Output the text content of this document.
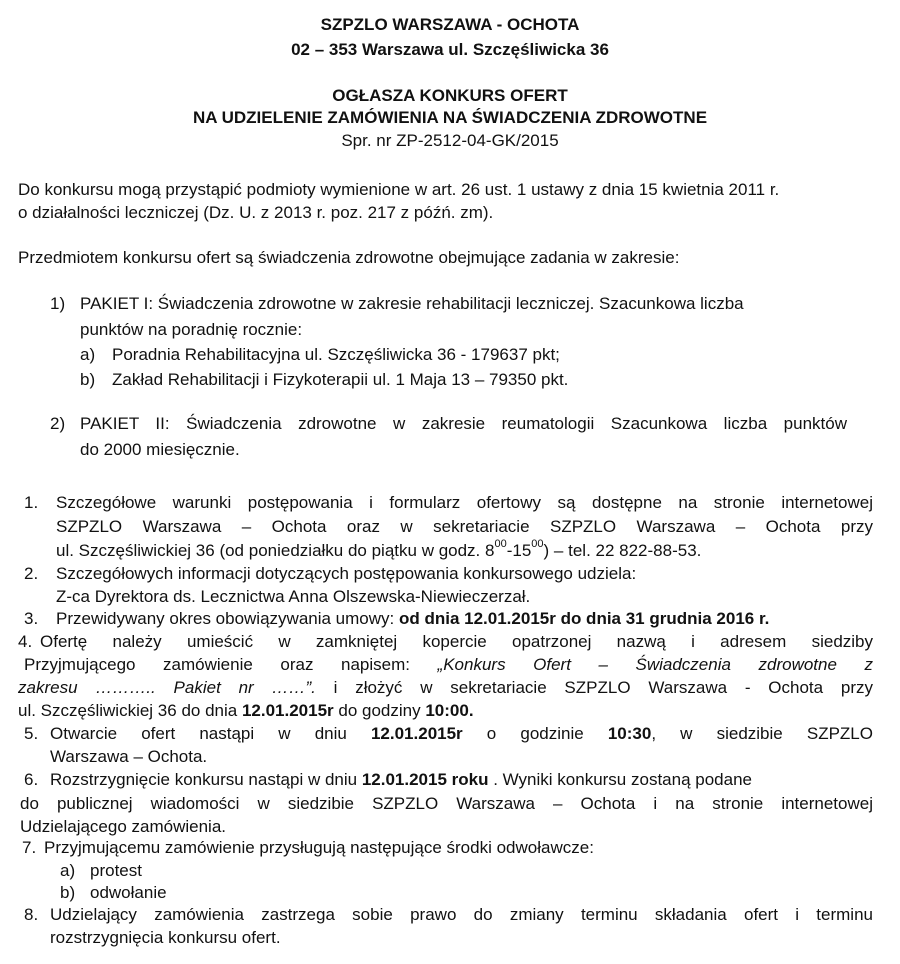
SZPZLO WARSZAWA - OCHOTA
02 – 353 Warszawa ul. Szczęśliwicka 36
OGŁASZA KONKURS OFERT
NA UDZIELENIE ZAMÓWIENIA NA ŚWIADCZENIA ZDROWOTNE
Spr. nr ZP-2512-04-GK/2015
Do konkursu mogą przystąpić podmioty wymienione w art. 26 ust. 1 ustawy z dnia 15 kwietnia 2011 r.
o działalności leczniczej (Dz. U. z 2013 r. poz. 217 z późń. zm).
Przedmiotem konkursu ofert są świadczenia zdrowotne obejmujące zadania w zakresie:
1) PAKIET I: Świadczenia zdrowotne w zakresie rehabilitacji leczniczej. Szacunkowa liczba
punktów na poradnię rocznie:
a) Poradnia Rehabilitacyjna ul. Szczęśliwicka 36 - 179637 pkt;
b) Zakład Rehabilitacji i Fizykoterapii ul. 1 Maja 13 – 79350 pkt.
2) PAKIET II: Świadczenia zdrowotne w zakresie reumatologii Szacunkowa liczba punktów
do 2000 miesięcznie.
1. Szczegółowe warunki postępowania i formularz ofertowy są dostępne na stronie internetowej
SZPZLO Warszawa – Ochota oraz w sekretariacie SZPZLO Warszawa – Ochota przy
ul. Szczęśliwickiej 36 (od poniedziałku do piątku w godz. $8^{00}-15^{00}$) – tel. 22 822-88-53.
2. Szczegółowych informacji dotyczących postępowania konkursowego udziela:
Z-ca Dyrektora ds. Lecznictwa Anna Olszewska-Niewieczerzał.
3. Przewidywany okres obowiązywania umowy: od dnia 12.01.2015r do dnia 31 grudnia 2016 r.
4. Ofertę należy umieścić w zamkniętej kopercie opatrzonej nazwą i adresem siedziby
Przyjmującego zamówienie oraz napisem: „Konkurs Ofert – Świadczenia zdrowotne z
zakresu ……….. Pakiet nr ……”. i złożyć w sekretariacie SZPZLO Warszawa - Ochota przy
ul. Szczęśliwickiej 36 do dnia 12.01.2015r do godziny 10:00.
5. Otwarcie ofert nastąpi w dniu 12.01.2015r o godzinie 10:30, w siedzibie SZPZLO
Warszawa – Ochota.
6. Rozstrzygnięcie konkursu nastąpi w dniu 12.01.2015 roku . Wyniki konkursu zostaną podane
do publicznej wiadomości w siedzibie SZPZLO Warszawa – Ochota i na stronie internetowej
Udzielającego zamówienia.
7. Przyjmującemu zamówienie przysługują następujące środki odwoławcze:
a) protest
b) odwołanie
8. Udzielający zamówienia zastrzega sobie prawo do zmiany terminu składania ofert i terminu
rozstrzygnięcia konkursu ofert.
